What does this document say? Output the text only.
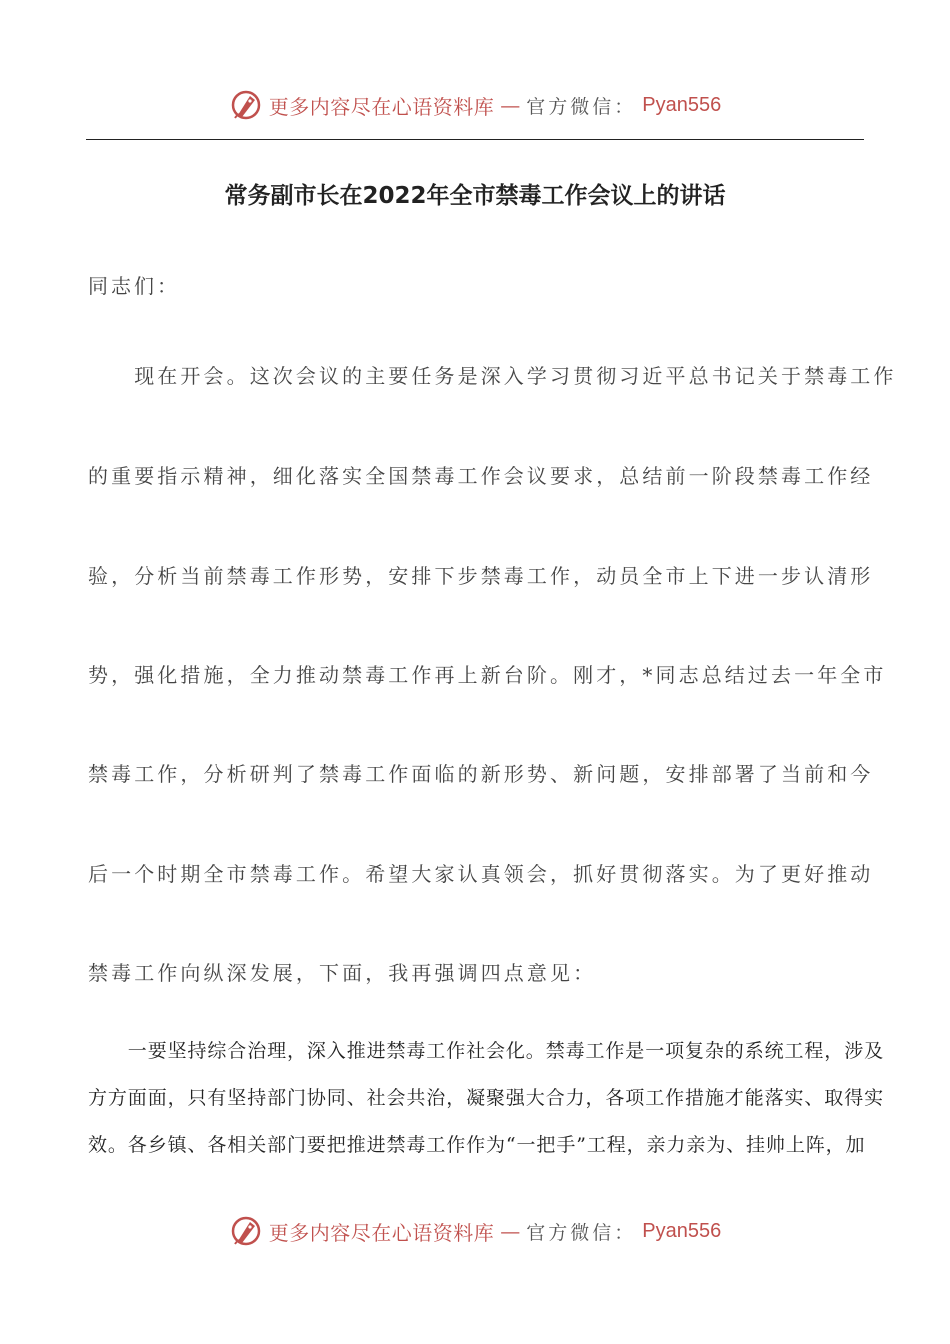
更多内容尽在心语资料库 — 官方微信： Pyan556
常务副市长在2022年全市禁毒工作会议上的讲话
同志们：

　　现在开会。这次会议的主要任务是深入学习贯彻习近平总书记关于禁毒工作

的重要指示精神，细化落实全国禁毒工作会议要求，总结前一阶段禁毒工作经

验，分析当前禁毒工作形势，安排下步禁毒工作，动员全市上下进一步认清形

势，强化措施，全力推动禁毒工作再上新台阶。刚才，*同志总结过去一年全市

禁毒工作，分析研判了禁毒工作面临的新形势、新问题，安排部署了当前和今

后一个时期全市禁毒工作。希望大家认真领会，抓好贯彻落实。为了更好推动

禁毒工作向纵深发展，下面，我再强调四点意见：

　　一要坚持综合治理，深入推进禁毒工作社会化。禁毒工作是一项复杂的系统工程，涉及

方方面面，只有坚持部门协同、社会共治，凝聚强大合力，各项工作措施才能落实、取得实

效。各乡镇、各相关部门要把推进禁毒工作作为“一把手”工程，亲力亲为、挂帅上阵，加

更多内容尽在心语资料库 — 官方微信： Pyan556
